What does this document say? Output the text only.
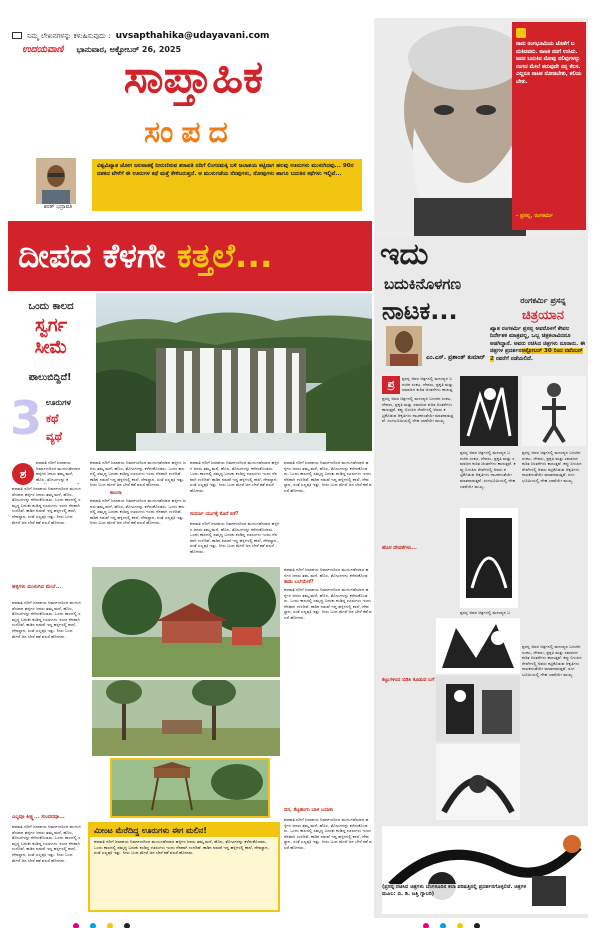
ನಿಮ್ಮ ಲೇಖನಗಳನ್ನು ಕಳುಹಿಸುವುದು : uvsapthahika@udayavani.com
ಉದಯವಾಣಿ ಭಾನುವಾರ, ಅಕ್ಟೋಬರ್ 26, 2025
ಸಾಪ್ತಾಹಿಕ
ಸಂಪದ
ಶರತ್ ಭದ್ರಾವತಿ
ವಿಶ್ವವಿಖ್ಯಾತ ಜೋಗ ಜಲಪಾತಕ್ಕೆ ನೀರುಣಿಸುವ ಶರಾವತಿ ನದಿಗೆ ಲಿಂಗನಮಕ್ಕಿ ಬಳಿ ಜಲಾಶಯ ಕಟ್ಟಿದಾಗ ಹಲವು ಊರುಗಳು ಮುಳುಗಿದವು... 90ರ ದಶಕದ ವೇಳೆಗೆ ಈ ಊರುಗಳ ಕಥೆ ಮತ್ತೆ ಕೇಳಿಬರುತ್ತದೆ. ಆ ಮುಳುಗಡೆಯ ನೆನಪುಗಳು, ನೋವುಗಳು ಹಾಗೂ ಬದುಕಿನ ಕಥೆಗಳು ಇಲ್ಲಿವೆ...
ದೀಪದ ಕೆಳಗೇ ಕತ್ತಲೆ...
ಒಂದು ಕಾಲದ
ಸ್ವರ್ಗ
ಸೀಮೆ
ಪಾಲುಬಿದ್ದಿದೆ!
3 ಊರುಗಳ
ಕಥೆ
ವ್ಯಥೆ
ಶ
ಶರಾವತಿ ನದಿಗೆ ಜಲಾಶಯ ನಿರ್ಮಾಣದಿಂದ ಮುಳುಗಡೆಯಾದ ಹಳ್ಳಿಗಳ ಜನರು ತಮ್ಮ ಮನೆ, ಹೊಲ, ತೋಟಗಳನ್ನು ಕ
ಶರಾವತಿ ನದಿಗೆ ಜಲಾಶಯ ನಿರ್ಮಾಣದಿಂದ ಮುಳುಗಡೆಯಾದ ಹಳ್ಳಿಗಳ ಜನರು ತಮ್ಮ ಮನೆ, ಹೊಲ, ತೋಟಗಳನ್ನು ಕಳೆದುಕೊಂಡರು. ಒಂದು ಕಾಲದಲ್ಲಿ ಸಮೃದ್ಧ ಬದುಕು ಕಂಡಿದ್ದ ಊರುಗಳು ಇಂದು ನೆನಪಾಗಿ ಉಳಿದಿವೆ. ಕಾಡಿನ ನಡುವೆ ಇದ್ದ ಹಳ್ಳಿಗಳಲ್ಲಿ ಶಾಲೆ, ದೇವಸ್ಥಾನ, ಸಂತೆ ಎಲ್ಲವೂ ಇತ್ತು. ನೀರು ಬಂದ ಮೇಲೆ ಜನ ಬೇರೆ ಕಡೆ ವಲಸೆ ಹೋದರು.
ಹಳ್ಳಿಗಳು ಮುಳುಗಿದ ಮೇಲೆ...
ಶರಾವತಿ ನದಿಗೆ ಜಲಾಶಯ ನಿರ್ಮಾಣದಿಂದ ಮುಳುಗಡೆಯಾದ ಹಳ್ಳಿಗಳ ಜನರು ತಮ್ಮ ಮನೆ, ಹೊಲ, ತೋಟಗಳನ್ನು ಕಳೆದುಕೊಂಡರು. ಒಂದು ಕಾಲದಲ್ಲಿ ಸಮೃದ್ಧ ಬದುಕು ಕಂಡಿದ್ದ ಊರುಗಳು ಇಂದು ನೆನಪಾಗಿ ಉಳಿದಿವೆ. ಕಾಡಿನ ನಡುವೆ ಇದ್ದ ಹಳ್ಳಿಗಳಲ್ಲಿ ಶಾಲೆ, ದೇವಸ್ಥಾನ, ಸಂತೆ ಎಲ್ಲವೂ ಇತ್ತು. ನೀರು ಬಂದ ಮೇಲೆ ಜನ ಬೇರೆ ಕಡೆ ವಲಸೆ ಹೋದರು.
ಎಲ್ಲವೂ ತೀಕ್ಷ್ಣ... ಸುಂದರವೂ...
ಶರಾವತಿ ನದಿಗೆ ಜಲಾಶಯ ನಿರ್ಮಾಣದಿಂದ ಮುಳುಗಡೆಯಾದ ಹಳ್ಳಿಗಳ ಜನರು ತಮ್ಮ ಮನೆ, ಹೊಲ, ತೋಟಗಳನ್ನು ಕಳೆದುಕೊಂಡರು. ಒಂದು ಕಾಲದಲ್ಲಿ ಸಮೃದ್ಧ ಬದುಕು ಕಂಡಿದ್ದ ಊರುಗಳು ಇಂದು ನೆನಪಾಗಿ ಉಳಿದಿವೆ. ಕಾಡಿನ ನಡುವೆ ಇದ್ದ ಹಳ್ಳಿಗಳಲ್ಲಿ ಶಾಲೆ, ದೇವಸ್ಥಾನ, ಸಂತೆ ಎಲ್ಲವೂ ಇತ್ತು. ನೀರು ಬಂದ ಮೇಲೆ ಜನ ಬೇರೆ ಕಡೆ ವಲಸೆ ಹೋದರು.
ಶರಾವತಿ ನದಿಗೆ ಜಲಾಶಯ ನಿರ್ಮಾಣದಿಂದ ಮುಳುಗಡೆಯಾದ ಹಳ್ಳಿಗಳ ಜನರು ತಮ್ಮ ಮನೆ, ಹೊಲ, ತೋಟಗಳನ್ನು ಕಳೆದುಕೊಂಡರು. ಒಂದು ಕಾಲದಲ್ಲಿ ಸಮೃದ್ಧ ಬದುಕು ಕಂಡಿದ್ದ ಊರುಗಳು ಇಂದು ನೆನಪಾಗಿ ಉಳಿದಿವೆ. ಕಾಡಿನ ನಡುವೆ ಇದ್ದ ಹಳ್ಳಿಗಳಲ್ಲಿ ಶಾಲೆ, ದೇವಸ್ಥಾನ, ಸಂತೆ ಎಲ್ಲವೂ ಇತ್ತು. ನೀರು ಬಂದ ಮೇಲೆ ಜನ ಬೇರೆ ಕಡೆ ವಲಸೆ ಹೋದರು.
ಕಾಲರಾ
ಶರಾವತಿ ನದಿಗೆ ಜಲಾಶಯ ನಿರ್ಮಾಣದಿಂದ ಮುಳುಗಡೆಯಾದ ಹಳ್ಳಿಗಳ ಜನರು ತಮ್ಮ ಮನೆ, ಹೊಲ, ತೋಟಗಳನ್ನು ಕಳೆದುಕೊಂಡರು. ಒಂದು ಕಾಲದಲ್ಲಿ ಸಮೃದ್ಧ ಬದುಕು ಕಂಡಿದ್ದ ಊರುಗಳು ಇಂದು ನೆನಪಾಗಿ ಉಳಿದಿವೆ. ಕಾಡಿನ ನಡುವೆ ಇದ್ದ ಹಳ್ಳಿಗಳಲ್ಲಿ ಶಾಲೆ, ದೇವಸ್ಥಾನ, ಸಂತೆ ಎಲ್ಲವೂ ಇತ್ತು. ನೀರು ಬಂದ ಮೇಲೆ ಜನ ಬೇರೆ ಕಡೆ ವಲಸೆ ಹೋದರು.
ಶರಾವತಿ ನದಿಗೆ ಜಲಾಶಯ ನಿರ್ಮಾಣದಿಂದ ಮುಳುಗಡೆಯಾದ ಹಳ್ಳಿಗಳ ಜನರು ತಮ್ಮ ಮನೆ, ಹೊಲ, ತೋಟಗಳನ್ನು ಕಳೆದುಕೊಂಡರು. ಒಂದು ಕಾಲದಲ್ಲಿ ಸಮೃದ್ಧ ಬದುಕು ಕಂಡಿದ್ದ ಊರುಗಳು ಇಂದು ನೆನಪಾಗಿ ಉಳಿದಿವೆ. ಕಾಡಿನ ನಡುವೆ ಇದ್ದ ಹಳ್ಳಿಗಳಲ್ಲಿ ಶಾಲೆ, ದೇವಸ್ಥಾನ, ಸಂತೆ ಎಲ್ಲವೂ ಇತ್ತು. ನೀರು ಬಂದ ಮೇಲೆ ಜನ ಬೇರೆ ಕಡೆ ವಲಸೆ ಹೋದರು.
ಸುವರ್ಣ ಯುಗಕ್ಕೆ ಕೊನೆ ಏಕೆ?
ಶರಾವತಿ ನದಿಗೆ ಜಲಾಶಯ ನಿರ್ಮಾಣದಿಂದ ಮುಳುಗಡೆಯಾದ ಹಳ್ಳಿಗಳ ಜನರು ತಮ್ಮ ಮನೆ, ಹೊಲ, ತೋಟಗಳನ್ನು ಕಳೆದುಕೊಂಡರು. ಒಂದು ಕಾಲದಲ್ಲಿ ಸಮೃದ್ಧ ಬದುಕು ಕಂಡಿದ್ದ ಊರುಗಳು ಇಂದು ನೆನಪಾಗಿ ಉಳಿದಿವೆ. ಕಾಡಿನ ನಡುವೆ ಇದ್ದ ಹಳ್ಳಿಗಳಲ್ಲಿ ಶಾಲೆ, ದೇವಸ್ಥಾನ, ಸಂತೆ ಎಲ್ಲವೂ ಇತ್ತು. ನೀರು ಬಂದ ಮೇಲೆ ಜನ ಬೇರೆ ಕಡೆ ವಲಸೆ ಹೋದರು.
ಶರಾವತಿ ನದಿಗೆ ಜಲಾಶಯ ನಿರ್ಮಾಣದಿಂದ ಮುಳುಗಡೆಯಾದ ಹಳ್ಳಿಗಳ ಜನರು ತಮ್ಮ ಮನೆ, ಹೊಲ, ತೋಟಗಳನ್ನು ಕಳೆದುಕೊಂಡರು. ಒಂದು ಕಾಲದಲ್ಲಿ ಸಮೃದ್ಧ ಬದುಕು ಕಂಡಿದ್ದ ಊರುಗಳು ಇಂದು ನೆನಪಾಗಿ ಉಳಿದಿವೆ. ಕಾಡಿನ ನಡುವೆ ಇದ್ದ ಹಳ್ಳಿಗಳಲ್ಲಿ ಶಾಲೆ, ದೇವಸ್ಥಾನ, ಸಂತೆ ಎಲ್ಲವೂ ಇತ್ತು. ನೀರು ಬಂದ ಮೇಲೆ ಜನ ಬೇರೆ ಕಡೆ ವಲಸೆ ಹೋದರು.
ಶರಾವತಿ ನದಿಗೆ ಜಲಾಶಯ ನಿರ್ಮಾಣದಿಂದ ಮುಳುಗಡೆಯಾದ ಹಳ್ಳಿಗಳ ಜನರು ತಮ್ಮ ಮನೆ, ಹೊಲ, ತೋಟಗಳನ್ನು ಕಳೆದುಕೊಂಡ
ಕಾಡು ಬಲೆಯೇಕೆ?
ಶರಾವತಿ ನದಿಗೆ ಜಲಾಶಯ ನಿರ್ಮಾಣದಿಂದ ಮುಳುಗಡೆಯಾದ ಹಳ್ಳಿಗಳ ಜನರು ತಮ್ಮ ಮನೆ, ಹೊಲ, ತೋಟಗಳನ್ನು ಕಳೆದುಕೊಂಡರು. ಒಂದು ಕಾಲದಲ್ಲಿ ಸಮೃದ್ಧ ಬದುಕು ಕಂಡಿದ್ದ ಊರುಗಳು ಇಂದು ನೆನಪಾಗಿ ಉಳಿದಿವೆ. ಕಾಡಿನ ನಡುವೆ ಇದ್ದ ಹಳ್ಳಿಗಳಲ್ಲಿ ಶಾಲೆ, ದೇವಸ್ಥಾನ, ಸಂತೆ ಎಲ್ಲವೂ ಇತ್ತು. ನೀರು ಬಂದ ಮೇಲೆ ಜನ ಬೇರೆ ಕಡೆ ವಲಸೆ ಹೋದರು.
ವನ, ಕೆಟ್ಟಹಂಗು ಬಾಳ ಬದುಕು
ಶರಾವತಿ ನದಿಗೆ ಜಲಾಶಯ ನಿರ್ಮಾಣದಿಂದ ಮುಳುಗಡೆಯಾದ ಹಳ್ಳಿಗಳ ಜನರು ತಮ್ಮ ಮನೆ, ಹೊಲ, ತೋಟಗಳನ್ನು ಕಳೆದುಕೊಂಡರು. ಒಂದು ಕಾಲದಲ್ಲಿ ಸಮೃದ್ಧ ಬದುಕು ಕಂಡಿದ್ದ ಊರುಗಳು ಇಂದು ನೆನಪಾಗಿ ಉಳಿದಿವೆ. ಕಾಡಿನ ನಡುವೆ ಇದ್ದ ಹಳ್ಳಿಗಳಲ್ಲಿ ಶಾಲೆ, ದೇವಸ್ಥಾನ, ಸಂತೆ ಎಲ್ಲವೂ ಇತ್ತು. ನೀರು ಬಂದ ಮೇಲೆ ಜನ ಬೇರೆ ಕಡೆ ವಲಸೆ ಹೋದರು.
ಮೀಂಟ ಮೆರೆದಿದ್ದ ಊರುಗಳು ಈಗ ಮಲಿನ!
ಶರಾವತಿ ನದಿಗೆ ಜಲಾಶಯ ನಿರ್ಮಾಣದಿಂದ ಮುಳುಗಡೆಯಾದ ಹಳ್ಳಿಗಳ ಜನರು ತಮ್ಮ ಮನೆ, ಹೊಲ, ತೋಟಗಳನ್ನು ಕಳೆದುಕೊಂಡರು. ಒಂದು ಕಾಲದಲ್ಲಿ ಸಮೃದ್ಧ ಬದುಕು ಕಂಡಿದ್ದ ಊರುಗಳು ಇಂದು ನೆನಪಾಗಿ ಉಳಿದಿವೆ. ಕಾಡಿನ ನಡುವೆ ಇದ್ದ ಹಳ್ಳಿಗಳಲ್ಲಿ ಶಾಲೆ, ದೇವಸ್ಥಾನ, ಸಂತೆ ಎಲ್ಲವೂ ಇತ್ತು. ನೀರು ಬಂದ ಮೇಲೆ ಜನ ಬೇರೆ ಕಡೆ ವಲಸೆ ಹೋದರು.
ನಾನು ರಂಗಭೂಮಿಯ ಜೊತೆಗೆ ಬದುಕಿದವನು. ನಾಟಕ ನನಗೆ ಉಸಿರು. ಜನರ ಬದುಕಿನ ನೋವು ನಲಿವುಗಳನ್ನು ರಂಗದ ಮೇಲೆ ತರುವುದೇ ನನ್ನ ಕೆಲಸ. ಎಲ್ಲರೂ ನಾಟಕ ನೋಡಬೇಕು, ಕಲಿಯಬೇಕು.
- ಪ್ರಸನ್ನ, ರಂಗಕರ್ಮಿ
ಇದು
ಬದುಕಿನೊಳಗಣ
ನಾಟಕ...	ರಂಗಕರ್ಮಿ ಪ್ರಸನ್ನ
ಚಿತ್ರಯಾನ
ಎಂ.ಎಸ್. ಪ್ರಶಾಂತ್ ಕುಮಾರ್
ಖ್ಯಾತ ರಂಗಕರ್ಮಿ ಪ್ರಸನ್ನ ಅವರೊಳಗೆ ಕೇವಲ ನಿರ್ದೇಶಕ ಮಾತ್ರವಲ್ಲ, ಒಬ್ಬ ಚಿತ್ರಕಲಾವಿದನೂ ಅಡಗಿದ್ದಾನೆ. ಅವರು ರಚಿಸಿದ ಚಿತ್ರಗಳು ನೂರಾರು. ಈ ಚಿತ್ರಗಳ ಪ್ರದರ್ಶನಅಕ್ಟೋಬರ್ 30 ರಿಂದ ನವೆಂಬರ್ 2 ರವರೆಗೆ ನಡೆಯಲಿದೆ.
ಪ್ರ
ಪ್ರಸನ್ನ ಅವರ ಚಿತ್ರಗಳಲ್ಲಿ ಮನುಷ್ಯನ ಬದುಕಿನ ಸಂಕಟ, ದೇವರು, ಪ್ರಕೃತಿ ಮತ್ತು ಸಮಾಜದ ಕುರಿತ ಚಿಂತನೆಗಳು ಕಾಣುತ್ತ
ಪ್ರಸನ್ನ ಅವರ ಚಿತ್ರಗಳಲ್ಲಿ ಮನುಷ್ಯನ ಬದುಕಿನ ಸಂಕಟ, ದೇವರು, ಪ್ರಕೃತಿ ಮತ್ತು ಸಮಾಜದ ಕುರಿತ ಚಿಂತನೆಗಳು ಕಾಣುತ್ತವೆ. ಕಪ್ಪು ಬಿಳುಪಿನ ರೇಖೆಗಳಲ್ಲಿ ಅವರು ಕಟ್ಟಿಕೊಡುವ ಆಕೃತಿಗಳು ನಾಟಕದಂತೆಯೇ ಮಾತನಾಡುತ್ತವೆ. ರಂಗಭೂಮಿಯಲ್ಲಿ ದೇಹ ಭಾಷೆಯೇ ಮುಖ್ಯ.
ಪ್ರಸನ್ನ ಅವರ ಚಿತ್ರಗಳಲ್ಲಿ ಮನುಷ್ಯನ ಬದುಕಿನ ಸಂಕಟ, ದೇವರು, ಪ್ರಕೃತಿ ಮತ್ತು ಸಮಾಜದ ಕುರಿತ ಚಿಂತನೆಗಳು ಕಾಣುತ್ತವೆ. ಕಪ್ಪು ಬಿಳುಪಿನ ರೇಖೆಗಳಲ್ಲಿ ಅವರು ಕಟ್ಟಿಕೊಡುವ ಆಕೃತಿಗಳು ನಾಟಕದಂತೆಯೇ ಮಾತನಾಡುತ್ತವೆ. ರಂಗಭೂಮಿಯಲ್ಲಿ ದೇಹ ಭಾಷೆಯೇ ಮುಖ್ಯ.
ಪ್ರಸನ್ನ ಅವರ ಚಿತ್ರಗಳಲ್ಲಿ ಮನುಷ್ಯನ ಬದುಕಿನ ಸಂಕಟ, ದೇವರು, ಪ್ರಕೃತಿ ಮತ್ತು ಸಮಾಜದ ಕುರಿತ ಚಿಂತನೆಗಳು ಕಾಣುತ್ತವೆ. ಕಪ್ಪು ಬಿಳುಪಿನ ರೇಖೆಗಳಲ್ಲಿ ಅವರು ಕಟ್ಟಿಕೊಡುವ ಆಕೃತಿಗಳು ನಾಟಕದಂತೆಯೇ ಮಾತನಾಡುತ್ತವೆ. ರಂಗಭೂಮಿಯಲ್ಲಿ ದೇಹ ಭಾಷೆಯೇ ಮುಖ್ಯ.
ಹೊಸ ದೇವತೆಗಳು...
ಕಟ್ಟುಗಳಿಂದ ಬಿಡಿಸಿ ಕೂಡುವ ಬಗೆ
ಪ್ರಸನ್ನ ಅವರ ಚಿತ್ರಗಳಲ್ಲಿ ಮನುಷ್ಯನ ಬ
ಪ್ರಸನ್ನ ಅವರ ಚಿತ್ರಗಳಲ್ಲಿ ಮನುಷ್ಯನ ಬದುಕಿನ ಸಂಕಟ, ದೇವರು, ಪ್ರಕೃತಿ ಮತ್ತು ಸಮಾಜದ ಕುರಿತ ಚಿಂತನೆಗಳು ಕಾಣುತ್ತವೆ. ಕಪ್ಪು ಬಿಳುಪಿನ ರೇಖೆಗಳಲ್ಲಿ ಅವರು ಕಟ್ಟಿಕೊಡುವ ಆಕೃತಿಗಳು ನಾಟಕದಂತೆಯೇ ಮಾತನಾಡುತ್ತವೆ. ರಂಗಭೂಮಿಯಲ್ಲಿ ದೇಹ ಭಾಷೆಯೇ ಮುಖ್ಯ.
(ಪ್ರಸನ್ನ ರಚಿಸಿದ ಚಿತ್ರಗಳು ಬೆಂಗಳೂರಿನ ಕಲಾ ಪರಿಷತ್ತಿನಲ್ಲಿ ಪ್ರದರ್ಶನಗೊಳ್ಳಲಿವೆ. ಚಿತ್ರಗಳ ಮೂಲ: ಬಿ. ಡಿ. ಜತ್ತಿ ಗ್ಯಾಲರಿ)
